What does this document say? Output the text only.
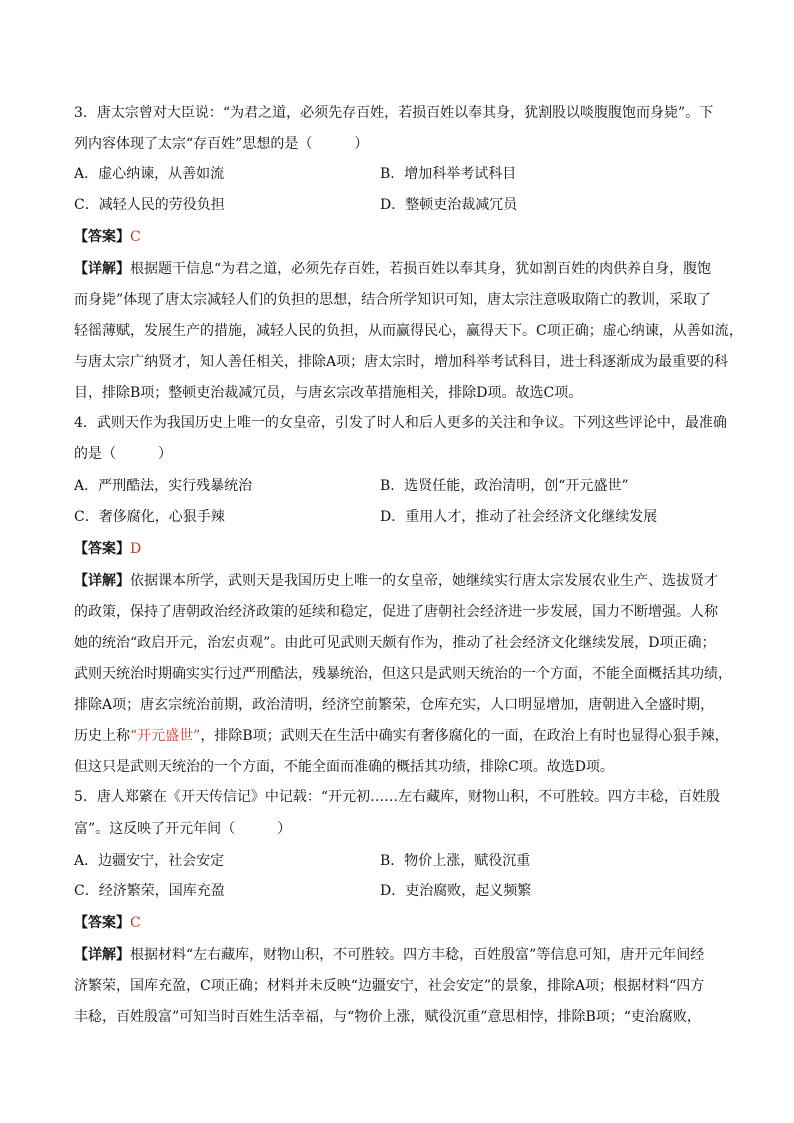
3．唐太宗曾对大臣说：“为君之道，必须先存百姓，若损百姓以奉其身，犹割股以啖腹腹饱而身毙”。下
列内容体现了太宗“存百姓”思想的是（　　　）
A．虚心纳谏，从善如流	B．增加科举考试科目
C．减轻人民的劳役负担	D．整顿吏治裁减冗员
【答案】C
【详解】根据题干信息“为君之道，必须先存百姓，若损百姓以奉其身，犹如割百姓的肉供养自身，腹饱
而身毙”体现了唐太宗减轻人们的负担的思想，结合所学知识可知，唐太宗注意吸取隋亡的教训，采取了
轻徭薄赋，发展生产的措施，减轻人民的负担，从而赢得民心，赢得天下。C项正确；虚心纳谏，从善如流，
与唐太宗广纳贤才，知人善任相关，排除A项；唐太宗时，增加科举考试科目，进士科逐渐成为最重要的科
目，排除B项；整顿吏治裁减冗员，与唐玄宗改革措施相关，排除D项。故选C项。
4．武则天作为我国历史上唯一的女皇帝，引发了时人和后人更多的关注和争议。下列这些评论中，最准确
的是（　　　）
A．严刑酷法，实行残暴统治	B．选贤任能，政治清明，创“开元盛世”
C．奢侈腐化，心狠手辣	D．重用人才，推动了社会经济文化继续发展
【答案】D
【详解】依据课本所学，武则天是我国历史上唯一的女皇帝，她继续实行唐太宗发展农业生产、选拔贤才
的政策，保持了唐朝政治经济政策的延续和稳定，促进了唐朝社会经济进一步发展，国力不断增强。人称
她的统治“政启开元，治宏贞观”。由此可见武则天颇有作为，推动了社会经济文化继续发展，D项正确；
武则天统治时期确实实行过严刑酷法，残暴统治，但这只是武则天统治的一个方面，不能全面概括其功绩，
排除A项；唐玄宗统治前期，政治清明，经济空前繁荣，仓库充实，人口明显增加，唐朝进入全盛时期，
历史上称“开元盛世”，排除B项；武则天在生活中确实有奢侈腐化的一面，在政治上有时也显得心狠手辣，
但这只是武则天统治的一个方面，不能全面而准确的概括其功绩，排除C项。故选D项。
5．唐人郑綮在《开天传信记》中记载：“开元初……左右藏库，财物山积，不可胜较。四方丰稔，百姓殷
富”。这反映了开元年间（　　　）
A．边疆安宁，社会安定	B．物价上涨，赋役沉重
C．经济繁荣，国库充盈	D．吏治腐败，起义频繁
【答案】C
【详解】根据材料“左右藏库，财物山积，不可胜较。四方丰稔，百姓殷富”等信息可知，唐开元年间经
济繁荣，国库充盈，C项正确；材料并未反映“边疆安宁，社会安定”的景象，排除A项；根据材料“四方
丰稔，百姓殷富”可知当时百姓生活幸福，与“物价上涨，赋役沉重”意思相悖，排除B项；“吏治腐败，
